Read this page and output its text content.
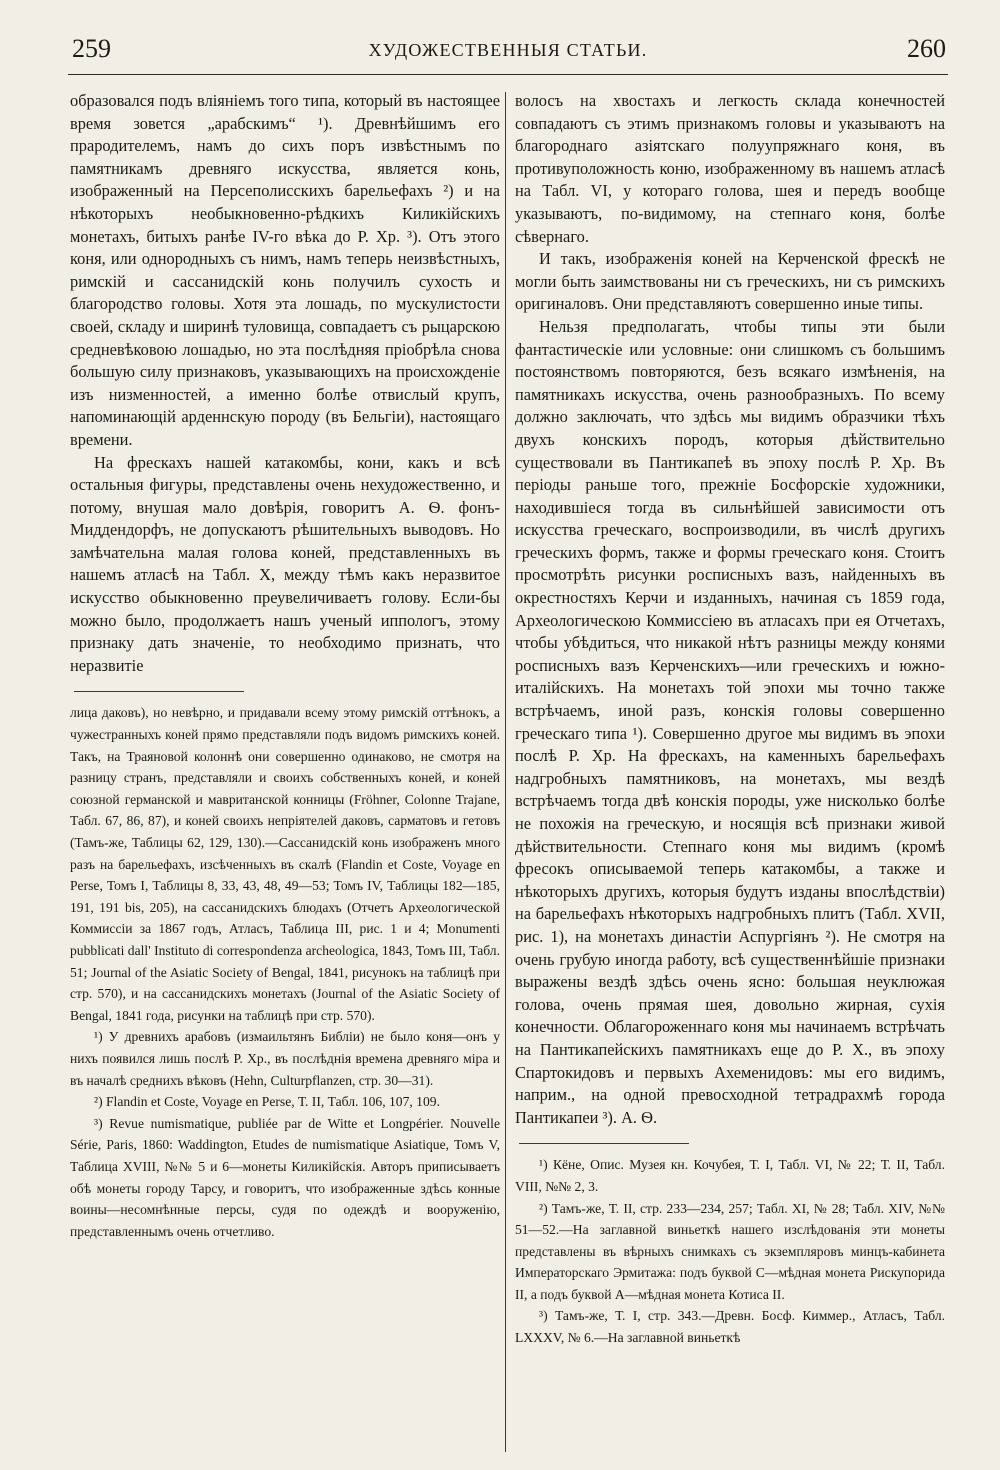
259	ХУДОЖЕСТВЕННЫЯ СТАТЬИ.	260

образовался подъ вліяніемъ того типа, который въ настоящее время зовется „арабскимъ“ ¹). Древнѣйшимъ его прародителемъ, намъ до сихъ поръ извѣстнымъ по памятникамъ древняго искусства, является конь, изображенный на Персеполисскихъ барельефахъ ²) и на нѣкоторыхъ необыкновенно-рѣдкихъ Киликійскихъ монетахъ, битыхъ ранѣе IV-го вѣка до Р. Хр. ³). Отъ этого коня, или однородныхъ съ нимъ, намъ теперь неизвѣстныхъ, римскій и сассанидскій конь получилъ сухость и благородство головы. Хотя эта лошадь, по мускулистости своей, складу и ширинѣ туловища, совпадаетъ съ рыцарскою средневѣковою лошадью, но эта послѣдняя пріобрѣла снова большую силу признаковъ, указывающихъ на происхожденіе изъ низменностей, а именно болѣе отвислый крупъ, напоминающій арденнскую породу (въ Бельгіи), настоящаго времени.

На фрескахъ нашей катакомбы, кони, какъ и всѣ остальныя фигуры, представлены очень нехудожественно, и потому, внушая мало довѣрія, говоритъ А. Ѳ. фонъ-Миддендорфъ, не допускаютъ рѣшительныхъ выводовъ. Но замѣчательна малая голова коней, представленныхъ въ нашемъ атласѣ на Табл. X, между тѣмъ какъ неразвитое искусство обыкновенно преувеличиваетъ голову. Если-бы можно было, продолжаетъ нашъ ученый иппологъ, этому признаку дать значеніе, то необходимо признать, что неразвитіе

лица даковъ), но невѣрно, и придавали всему этому римскій оттѣнокъ, а чужестранныхъ коней прямо представляли подъ видомъ римскихъ коней. Такъ, на Траяновой колоннѣ они совершенно одинаково, не смотря на разницу странъ, представляли и своихъ собственныхъ коней, и коней союзной германской и мавританской конницы (Fröhner, Colonne Trajane, Табл. 67, 86, 87), и коней своихъ непріятелей даковъ, сарматовъ и гетовъ (Тамъ-же, Таблицы 62, 129, 130).—Сассанидскій конь изображенъ много разъ на барельефахъ, изсѣченныхъ въ скалѣ (Flandin et Coste, Voyage en Perse, Томъ I, Таблицы 8, 33, 43, 48, 49—53; Томъ IV, Таблицы 182—185, 191, 191 bis, 205), на сассанидскихъ блюдахъ (Отчетъ Археологической Коммиссіи за 1867 годъ, Атласъ, Таблица III, рис. 1 и 4; Monumenti pubblicati dall' Instituto di correspondenza archeologica, 1843, Томъ III, Табл. 51; Journal of the Asiatic Society of Bengal, 1841, рисунокъ на таблицѣ при стр. 570), и на сассанидскихъ монетахъ (Journal of the Asiatic Society of Bengal, 1841 года, рисунки на таблицѣ при стр. 570).

¹) У древнихъ арабовъ (измаильтянъ Библіи) не было коня—онъ у нихъ появился лишь послѣ Р. Хр., въ послѣднія времена древняго міра и въ началѣ среднихъ вѣковъ (Hehn, Culturpflanzen, стр. 30—31).

²) Flandin et Coste, Voyage en Perse, Т. II, Табл. 106, 107, 109.

³) Revue numismatique, publiée par de Witte et Longpérier. Nouvelle Série, Paris, 1860: Waddington, Etudes de numismatique Asiatique, Томъ V, Таблица XVIII, №№ 5 и 6—монеты Киликійскія. Авторъ приписываетъ обѣ монеты городу Тарсу, и говоритъ, что изображенные здѣсь конные воины—несомнѣнные персы, судя по одеждѣ и вооруженію, представленнымъ очень отчетливо.

волосъ на хвостахъ и легкость склада конечностей совпадаютъ съ этимъ признакомъ головы и указываютъ на благороднаго азіятскаго полуупряжнаго коня, въ противуположность коню, изображенному въ нашемъ атласѣ на Табл. VI, у котораго голова, шея и передъ вообще указываютъ, по-видимому, на степнаго коня, болѣе сѣвернаго.

И такъ, изображенія коней на Керченской фрескѣ не могли быть заимствованы ни съ греческихъ, ни съ римскихъ оригиналовъ. Они представляютъ совершенно иные типы.

Нельзя предполагать, чтобы типы эти были фантастическіе или условные: они слишкомъ съ большимъ постоянствомъ повторяются, безъ всякаго измѣненія, на памятникахъ искусства, очень разнообразныхъ. По всему должно заключать, что здѣсь мы видимъ образчики тѣхъ двухъ конскихъ породъ, которыя дѣйствительно существовали въ Пантикапеѣ въ эпоху послѣ Р. Хр. Въ періоды раньше того, прежніе Босфорскіе художники, находившіеся тогда въ сильнѣйшей зависимости отъ искусства греческаго, воспроизводили, въ числѣ другихъ греческихъ формъ, также и формы греческаго коня. Стоитъ просмотрѣть рисунки росписныхъ вазъ, найденныхъ въ окрестностяхъ Керчи и изданныхъ, начиная съ 1859 года, Археологическою Коммиссіею въ атласахъ при ея Отчетахъ, чтобы убѣдиться, что никакой нѣтъ разницы между конями росписныхъ вазъ Керченскихъ—или греческихъ и южно-италійскихъ. На монетахъ той эпохи мы точно также встрѣчаемъ, иной разъ, конскія головы совершенно греческаго типа ¹). Совершенно другое мы видимъ въ эпохи послѣ Р. Хр. На фрескахъ, на каменныхъ барельефахъ надгробныхъ памятниковъ, на монетахъ, мы вездѣ встрѣчаемъ тогда двѣ конскія породы, уже нисколько болѣе не похожія на греческую, и носящія всѣ признаки живой дѣйствительности. Степнаго коня мы видимъ (кромѣ фресокъ описываемой теперь катакомбы, а также и нѣкоторыхъ другихъ, которыя будутъ изданы впослѣдствіи) на барельефахъ нѣкоторыхъ надгробныхъ плитъ (Табл. XVII, рис. 1), на монетахъ династіи Аспургіянъ ²). Не смотря на очень грубую иногда работу, всѣ существеннѣйшіе признаки выражены вездѣ здѣсь очень ясно: большая неуклюжая голова, очень прямая шея, довольно жирная, сухія конечности. Облагороженнаго коня мы начинаемъ встрѣчать на Пантикапейскихъ памятникахъ еще до Р. Х., въ эпоху Спартокидовъ и первыхъ Ахеменидовъ: мы его видимъ, наприм., на одной превосходной тетрадрахмѣ города Пантикапеи ³). А. Ѳ.

¹) Кёне, Опис. Музея кн. Кочубея, Т. I, Табл. VI, № 22; Т. II, Табл. VIII, №№ 2, 3.

²) Тамъ-же, Т. II, стр. 233—234, 257; Табл. XI, № 28; Табл. XIV, №№ 51—52.—На заглавной виньеткѣ нашего изслѣдованія эти монеты представлены въ вѣрныхъ снимкахъ съ экземпляровъ минцъ-кабинета Императорскаго Эрмитажа: подъ буквой С—мѣдная монета Рискупорида II, а подъ буквой А—мѣдная монета Котиса II.

³) Тамъ-же, Т. I, стр. 343.—Древн. Босф. Киммер., Атласъ, Табл. LXXXV, № 6.—На заглавной виньеткѣ
